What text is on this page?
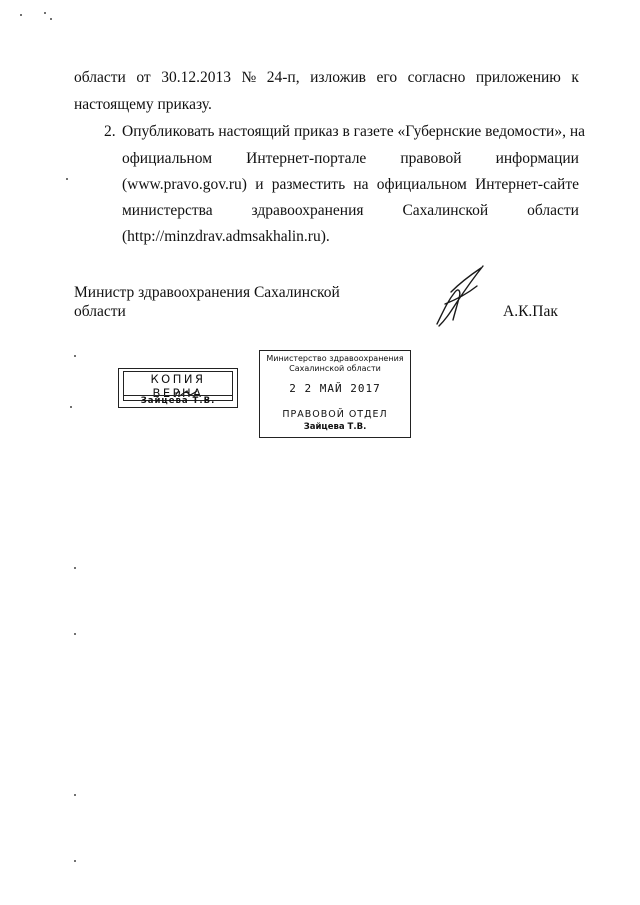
области от 30.12.2013 № 24-п, изложив его согласно приложению к
настоящему приказу.
2. Опубликовать настоящий приказ в газете «Губернские ведомости», на
официальном Интернет-портале правовой информации
(www.pravo.gov.ru) и разместить на официальном Интернет-сайте
министерства	здравоохранения	Сахалинской	области
(http://minzdrav.admsakhalin.ru).
Министр здравоохранения Сахалинской
области	А.К.Пак
КОПИЯ ВЕРНА
Зайцева Т.В.
Министерство здравоохранения
Сахалинской области
2 2 МАЙ 2017
ПРАВОВОЙ ОТДЕЛ
Зайцева Т.В.
